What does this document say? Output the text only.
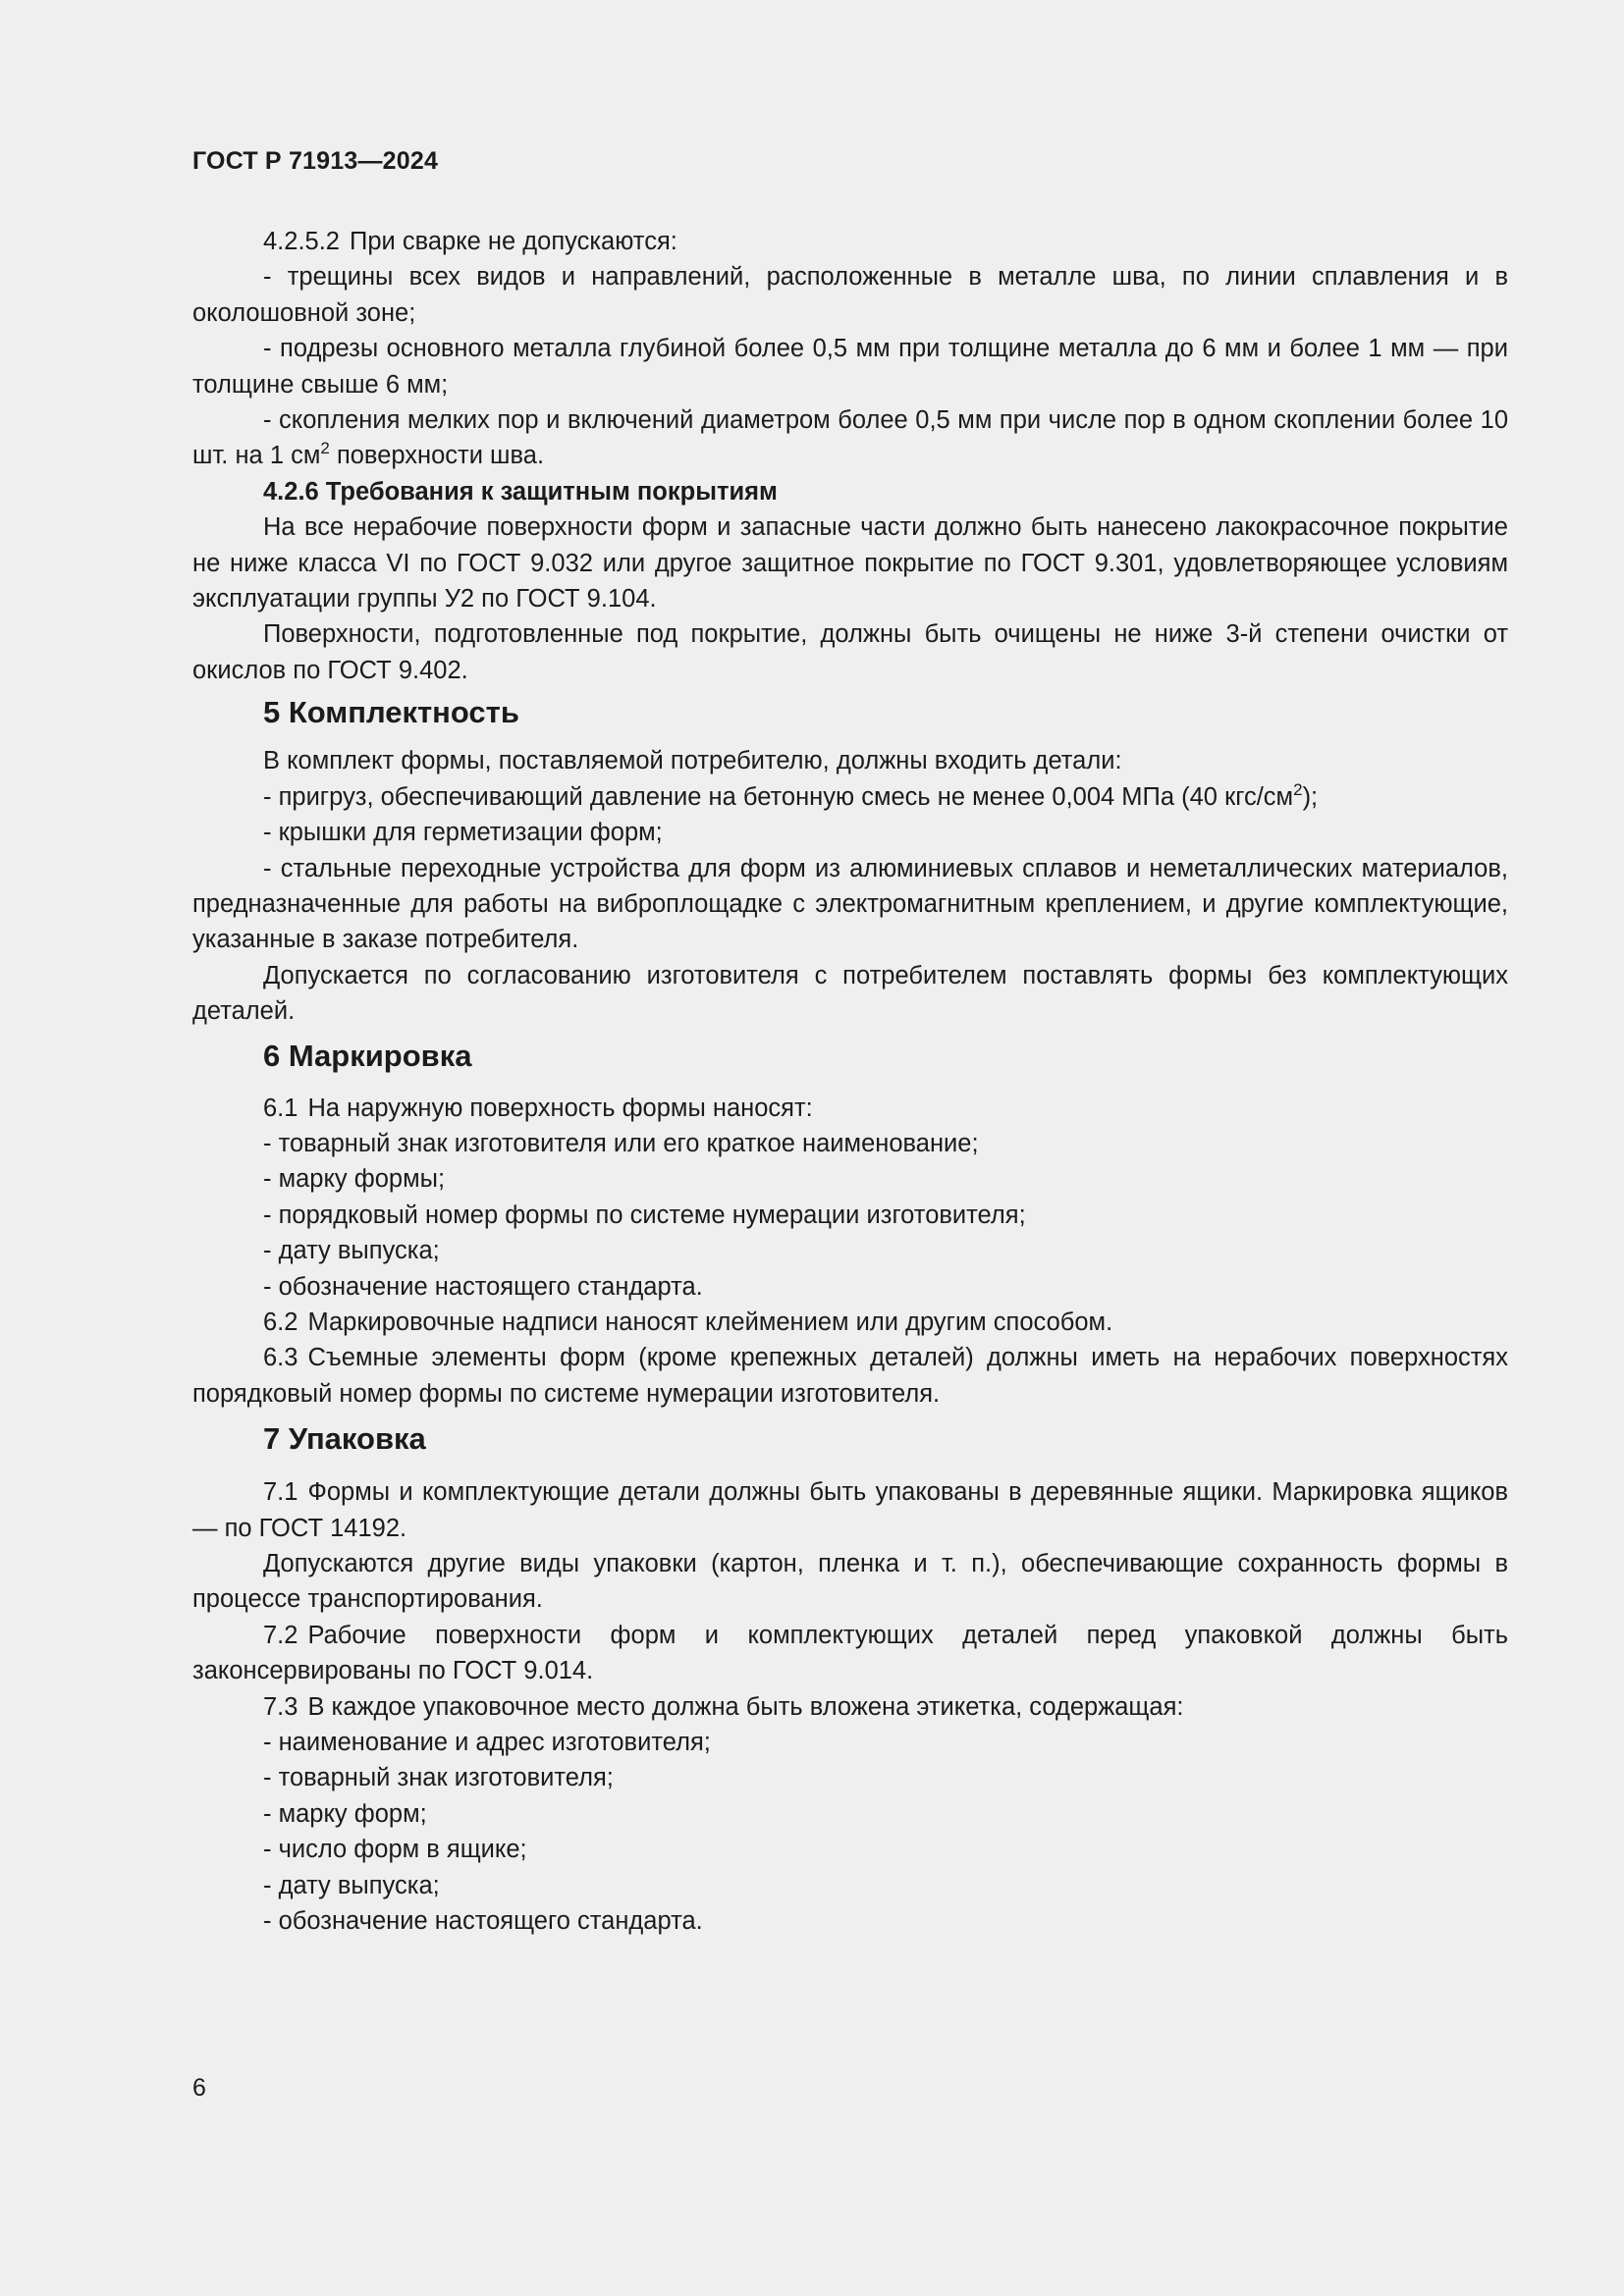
ГОСТ Р 71913—2024

4.2.5.2 При сварке не допускаются:

- трещины всех видов и направлений, расположенные в металле шва, по линии сплавления и в околошовной зоне;

- подрезы основного металла глубиной более 0,5 мм при толщине металла до 6 мм и более 1 мм — при толщине свыше 6 мм;

- скопления мелких пор и включений диаметром более 0,5 мм при числе пор в одном скоплении более 10 шт. на 1 $см^2$ поверхности шва.

4.2.6 Требования к защитным покрытиям

На все нерабочие поверхности форм и запасные части должно быть нанесено лакокрасочное покрытие не ниже класса VI по ГОСТ 9.032 или другое защитное покрытие по ГОСТ 9.301, удовлетворяющее условиям эксплуатации группы У2 по ГОСТ 9.104.

Поверхности, подготовленные под покрытие, должны быть очищены не ниже 3-й степени очистки от окислов по ГОСТ 9.402.

5 Комплектность

В комплект формы, поставляемой потребителю, должны входить детали:

- пригруз, обеспечивающий давление на бетонную смесь не менее 0,004 МПа (40 кгс/$см^2$);

- крышки для герметизации форм;

- стальные переходные устройства для форм из алюминиевых сплавов и неметаллических материалов, предназначенные для работы на виброплощадке с электромагнитным креплением, и другие комплектующие, указанные в заказе потребителя.

Допускается по согласованию изготовителя с потребителем поставлять формы без комплектующих деталей.

6 Маркировка

6.1 На наружную поверхность формы наносят:

- товарный знак изготовителя или его краткое наименование;

- марку формы;

- порядковый номер формы по системе нумерации изготовителя;

- дату выпуска;

- обозначение настоящего стандарта.

6.2 Маркировочные надписи наносят клеймением или другим способом.

6.3 Съемные элементы форм (кроме крепежных деталей) должны иметь на нерабочих поверхностях порядковый номер формы по системе нумерации изготовителя.

7 Упаковка

7.1 Формы и комплектующие детали должны быть упакованы в деревянные ящики. Маркировка ящиков — по ГОСТ 14192.

Допускаются другие виды упаковки (картон, пленка и т. п.), обеспечивающие сохранность формы в процессе транспортирования.

7.2 Рабочие поверхности форм и комплектующих деталей перед упаковкой должны быть законсервированы по ГОСТ 9.014.

7.3 В каждое упаковочное место должна быть вложена этикетка, содержащая:

- наименование и адрес изготовителя;

- товарный знак изготовителя;

- марку форм;

- число форм в ящике;

- дату выпуска;

- обозначение настоящего стандарта.

6
